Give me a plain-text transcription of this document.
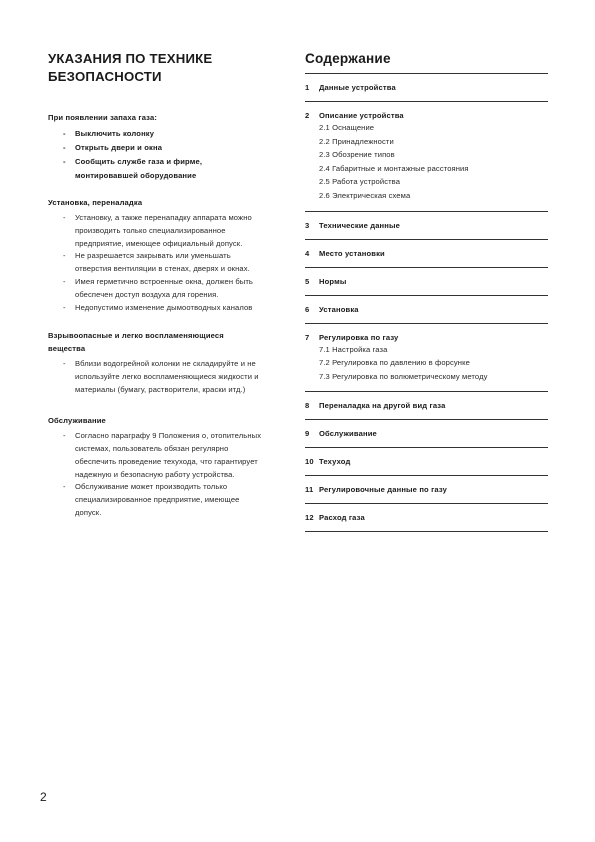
УКАЗАНИЯ ПО ТЕХНИКЕ
БЕЗОПАСНОСТИ
При появлении запаха газа:
- Выключить колонку
- Открыть двери и окна
- Сообщить службе газа и фирме,
монтировавшей оборудование
Установка, переналадка
- Установку, а также перенападку аппарата можно
производить только специализированное
предприятие, имеющее официальный допуск.
- Не разрешается закрывать или уменьшать
отверстия вентиляции в стенах, дверях и окнах.
- Имея герметично встроенные окна, должен быть
обеспечен доступ воздуха для горения.
- Недопустимо изменение дымоотводных каналов
Взрывоопасные и легко воспламеняющиеся
вещества
- Вблизи водогрейной колонки не складируйте и не
используйте легко воспламеняющиеся жидкости и
материалы (бумагу, растворители, краски итд.)
Обслуживание
- Согласно параграфу 9 Положения о, отопительных
системах, пользователь обязан регулярно
обеспечить проведение техухода, что гарантирует
надежную и безопасную работу устройства.
- Обслуживание может производить только
специализированное предприятие, имеющее
допуск.
Содержание
1	Данные устройства
2	Описание устройства
2.1 Оснащение
2.2 Принадлежности
2.3 Обозрение типов
2.4 Габаритные и монтажные расстояния
2.5 Работа устройства
2.6 Электрическая схема
3	Технические данные
4	Место установки
5	Нормы
6	Установка
7	Регулировка по газу
7.1 Настройка газа
7.2 Регулировка по давлению в форсунке
7.3 Регулировка по волюметрическому методу
8	Переналадка на другой вид газа
9	Обслуживание
10 Техуход
11 Регулировочные данные по газу
12 Расход газа
2
